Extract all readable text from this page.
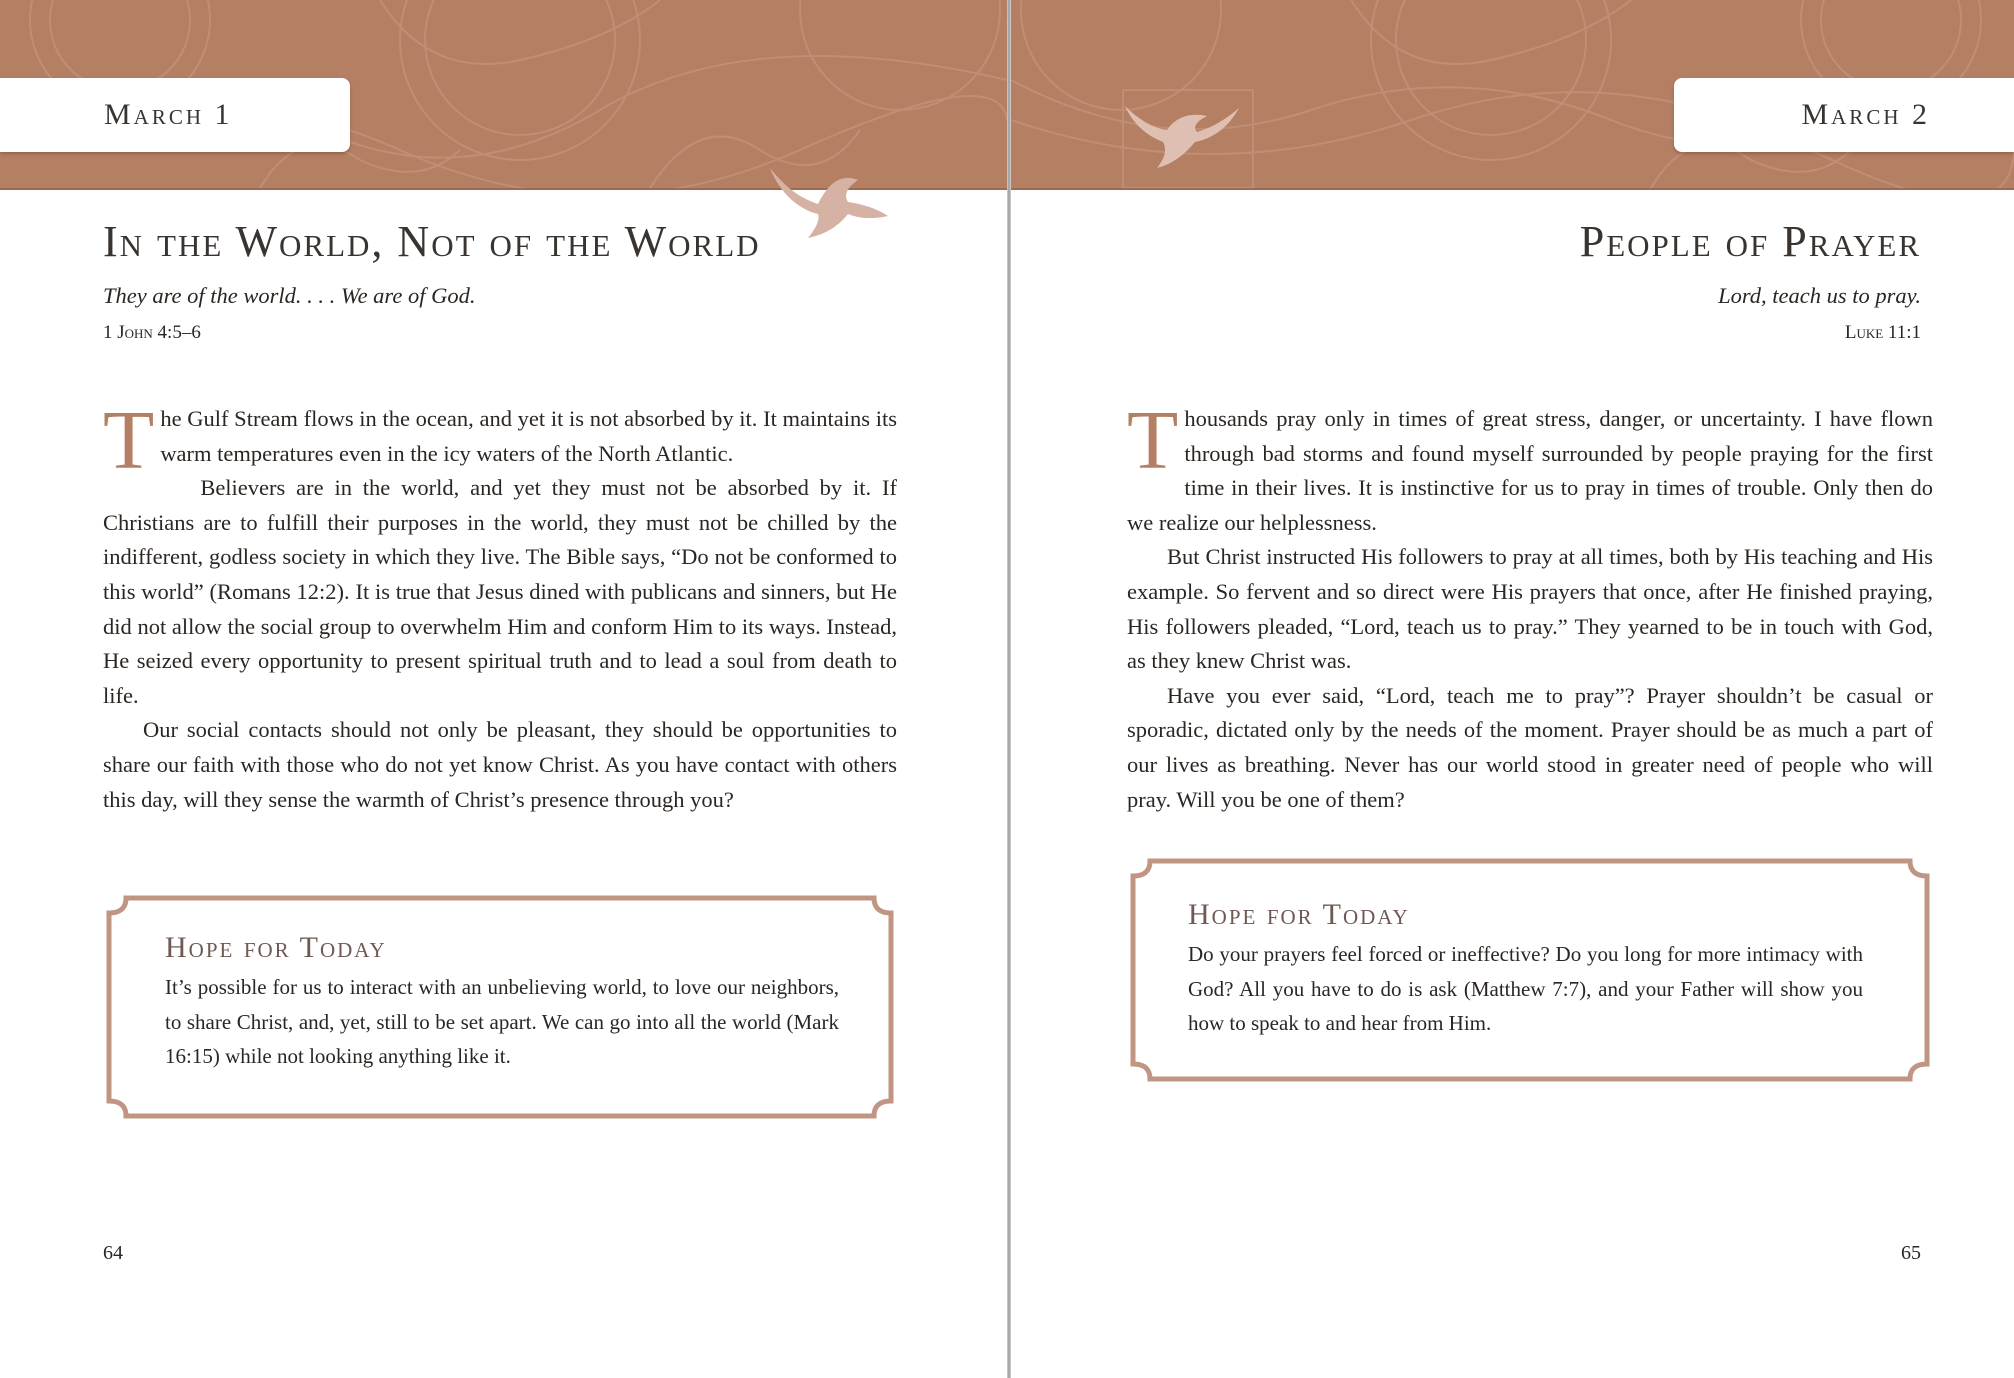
March 1
In the World, Not of the World
They are of the world. . . . We are of God.
1 John 4:5–6

The Gulf Stream flows in the ocean, and yet it is not absorbed by it. It maintains its warm temperatures even in the icy waters of the North Atlantic.

Believers are in the world, and yet they must not be absorbed by it. If Christians are to fulfill their purposes in the world, they must not be chilled by the indifferent, godless society in which they live. The Bible says, “Do not be conformed to this world” (Romans 12:2). It is true that Jesus dined with publicans and sinners, but He did not allow the social group to overwhelm Him and conform Him to its ways. Instead, He seized every opportunity to present spiritual truth and to lead a soul from death to life.

Our social contacts should not only be pleasant, they should be opportunities to share our faith with those who do not yet know Christ. As you have contact with others this day, will they sense the warmth of Christ’s presence through you?

Hope for Today
It’s possible for us to interact with an unbelieving world, to love our neighbors, to share Christ, and, yet, still to be set apart. We can go into all the world (Mark 16:15) while not looking anything like it.
64
March 2
People of Prayer
Lord, teach us to pray.
Luke 11:1

Thousands pray only in times of great stress, danger, or uncertainty. I have flown through bad storms and found myself surrounded by people praying for the first time in their lives. It is instinctive for us to pray in times of trouble. Only then do we realize our helplessness.

But Christ instructed His followers to pray at all times, both by His teaching and His example. So fervent and so direct were His prayers that once, after He finished praying, His followers pleaded, “Lord, teach us to pray.” They yearned to be in touch with God, as they knew Christ was.

Have you ever said, “Lord, teach me to pray”? Prayer shouldn’t be casual or sporadic, dictated only by the needs of the moment. Prayer should be as much a part of our lives as breathing. Never has our world stood in greater need of people who will pray. Will you be one of them?

Hope for Today
Do your prayers feel forced or ineffective? Do you long for more intimacy with God? All you have to do is ask (Matthew 7:7), and your Father will show you how to speak to and hear from Him.
65
